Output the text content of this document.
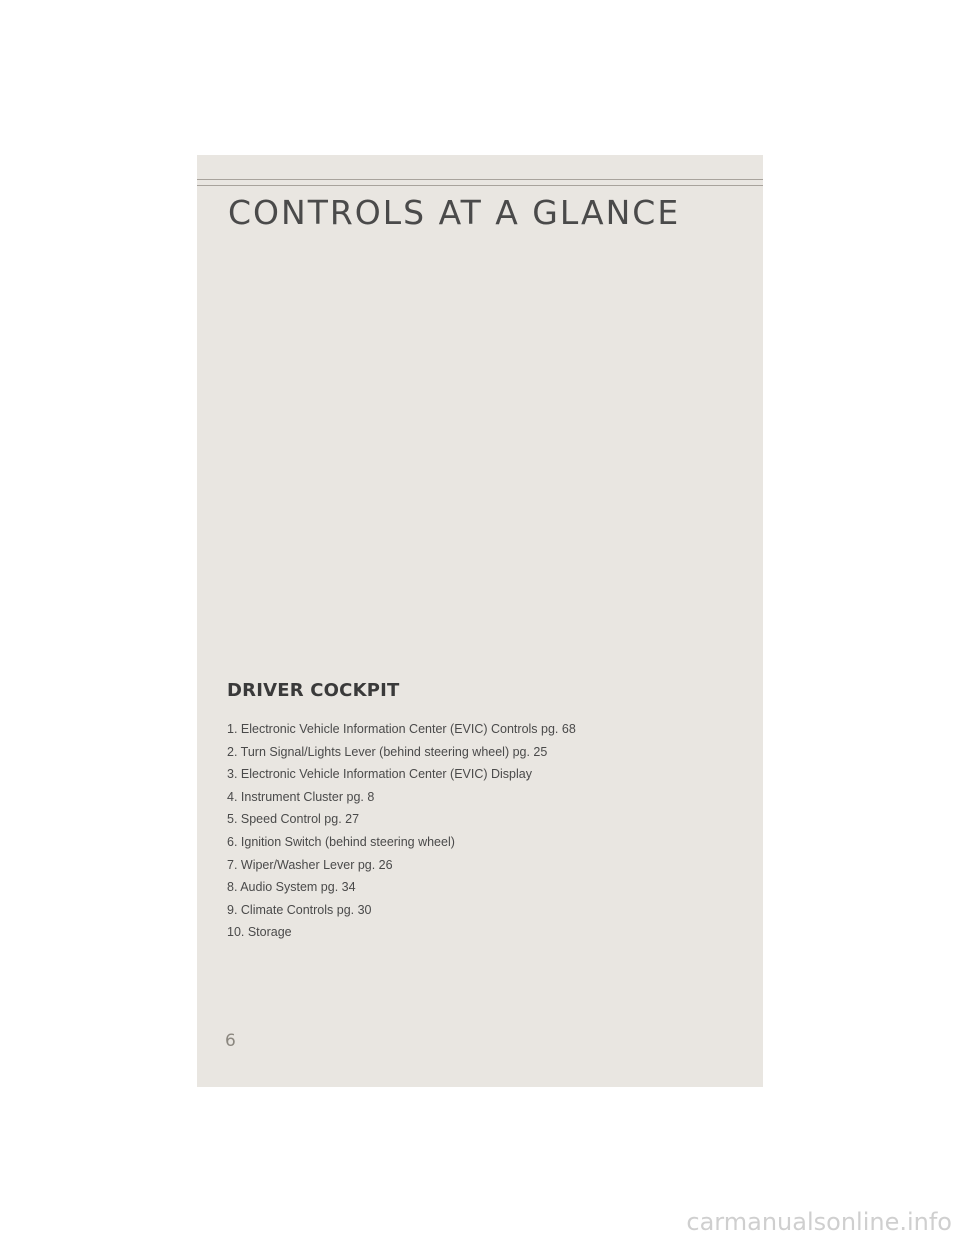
CONTROLS AT A GLANCE
DRIVER COCKPIT
1. Electronic Vehicle Information Center (EVIC) Controls pg. 68
2. Turn Signal/Lights Lever (behind steering wheel) pg. 25
3. Electronic Vehicle Information Center (EVIC) Display
4. Instrument Cluster pg. 8
5. Speed Control pg. 27
6. Ignition Switch (behind steering wheel)
7. Wiper/Washer Lever pg. 26
8. Audio System pg. 34
9. Climate Controls pg. 30
10. Storage
6
carmanualsonline.info
